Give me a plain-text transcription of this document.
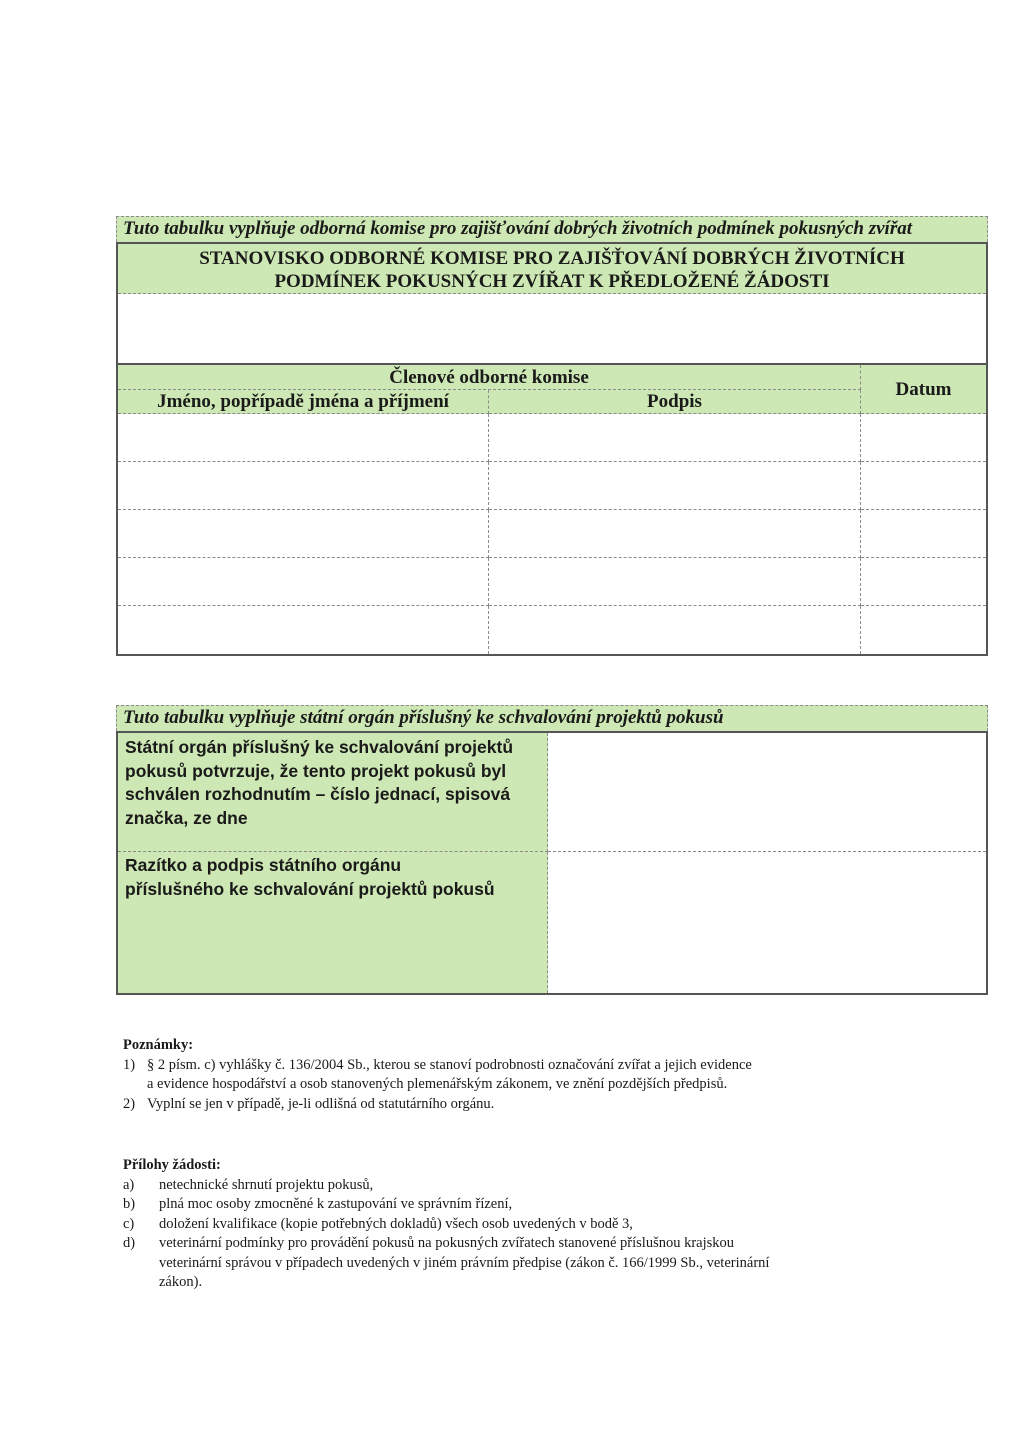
Tuto tabulku vyplňuje odborná komise pro zajišťování dobrých životních podmínek pokusných zvířat
STANOVISKO ODBORNÉ KOMISE PRO ZAJIŠŤOVÁNÍ DOBRÝCH ŽIVOTNÍCH
PODMÍNEK POKUSNÝCH ZVÍŘAT K PŘEDLOŽENÉ ŽÁDOSTI
Členové odborné komise
Jméno, popřípadě jména a příjmení	Podpis
Datum
Tuto tabulku vyplňuje státní orgán příslušný ke schvalování projektů pokusů
Státní orgán příslušný ke schvalování projektů
pokusů potvrzuje, že tento projekt pokusů byl
schválen rozhodnutím – číslo jednací, spisová
značka, ze dne
Razítko a podpis státního orgánu
příslušného ke schvalování projektů pokusů
Poznámky:
1) § 2 písm. c) vyhlášky č. 136/2004 Sb., kterou se stanoví podrobnosti označování zvířat a jejich evidence
a evidence hospodářství a osob stanovených plemenářským zákonem, ve znění pozdějších předpisů.
2) Vyplní se jen v případě, je-li odlišná od statutárního orgánu.
Přílohy žádosti:
a)	netechnické shrnutí projektu pokusů,
b)	plná moc osoby zmocněné k zastupování ve správním řízení,
c)	doložení kvalifikace (kopie potřebných dokladů) všech osob uvedených v bodě 3,
d)	veterinární podmínky pro provádění pokusů na pokusných zvířatech stanovené příslušnou krajskou
veterinární správou v případech uvedených v jiném právním předpise (zákon č. 166/1999 Sb., veterinární
zákon).
